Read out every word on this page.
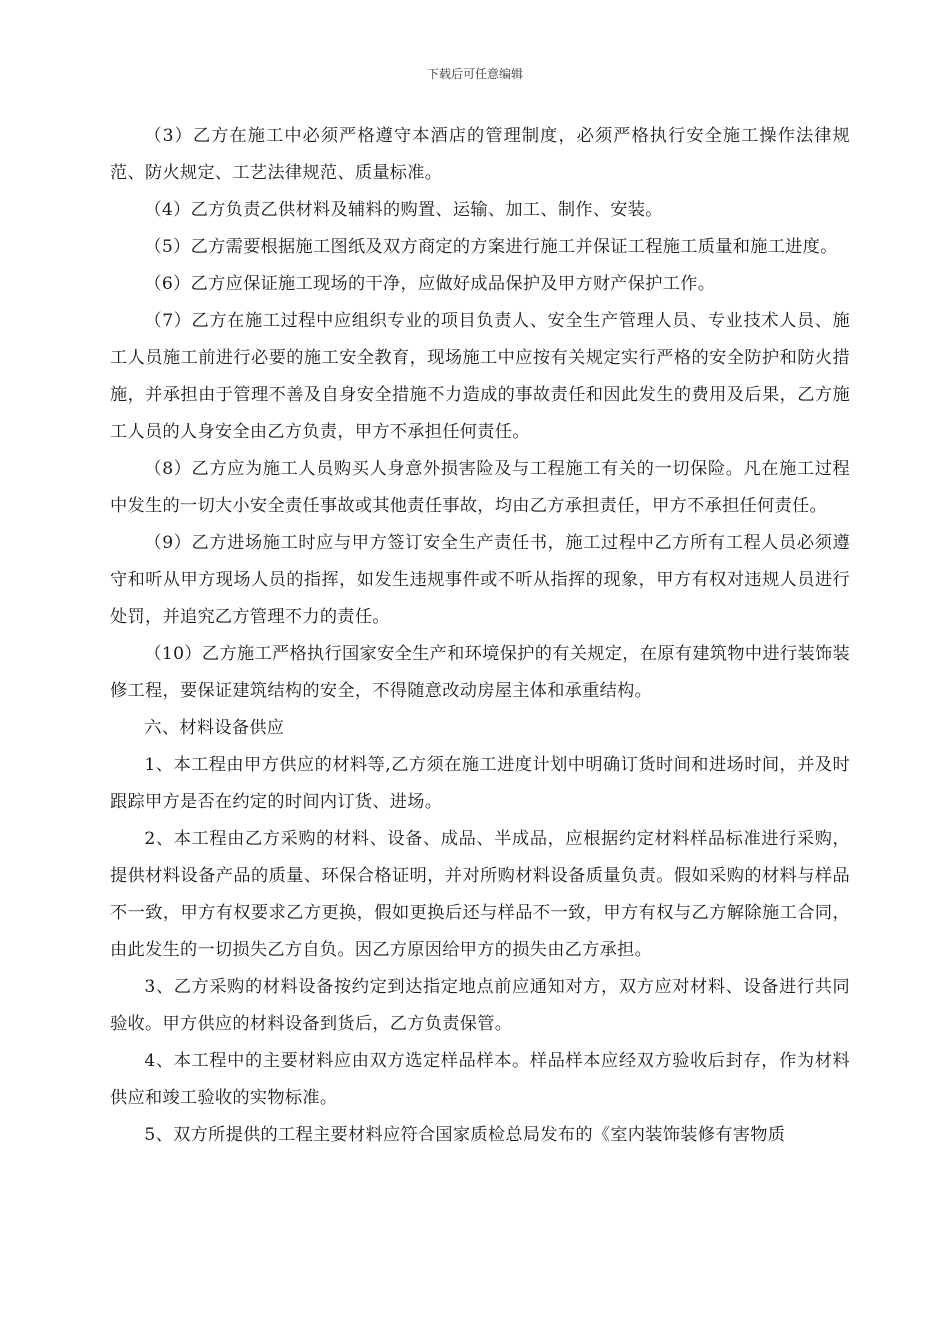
下载后可任意编辑

（3）乙方在施工中必须严格遵守本酒店的管理制度，必须严格执行安全施工操作法律规范、防火规定、工艺法律规范、质量标准。

（4）乙方负责乙供材料及辅料的购置、运输、加工、制作、安装。

（5）乙方需要根据施工图纸及双方商定的方案进行施工并保证工程施工质量和施工进度。

（6）乙方应保证施工现场的干净，应做好成品保护及甲方财产保护工作。

（7）乙方在施工过程中应组织专业的项目负责人、安全生产管理人员、专业技术人员、施工人员施工前进行必要的施工安全教育，现场施工中应按有关规定实行严格的安全防护和防火措施，并承担由于管理不善及自身安全措施不力造成的事故责任和因此发生的费用及后果，乙方施工人员的人身安全由乙方负责，甲方不承担任何责任。

（8）乙方应为施工人员购买人身意外损害险及与工程施工有关的一切保险。凡在施工过程中发生的一切大小安全责任事故或其他责任事故，均由乙方承担责任，甲方不承担任何责任。

（9）乙方进场施工时应与甲方签订安全生产责任书，施工过程中乙方所有工程人员必须遵守和听从甲方现场人员的指挥，如发生违规事件或不听从指挥的现象，甲方有权对违规人员进行处罚，并追究乙方管理不力的责任。

（10）乙方施工严格执行国家安全生产和环境保护的有关规定，在原有建筑物中进行装饰装修工程，要保证建筑结构的安全，不得随意改动房屋主体和承重结构。

六、材料设备供应

1、本工程由甲方供应的材料等,乙方须在施工进度计划中明确订货时间和进场时间，并及时跟踪甲方是否在约定的时间内订货、进场。

2、本工程由乙方采购的材料、设备、成品、半成品，应根据约定材料样品标准进行采购，提供材料设备产品的质量、环保合格证明，并对所购材料设备质量负责。假如采购的材料与样品不一致，甲方有权要求乙方更换，假如更换后还与样品不一致，甲方有权与乙方解除施工合同，由此发生的一切损失乙方自负。因乙方原因给甲方的损失由乙方承担。

3、乙方采购的材料设备按约定到达指定地点前应通知对方，双方应对材料、设备进行共同验收。甲方供应的材料设备到货后，乙方负责保管。

4、本工程中的主要材料应由双方选定样品样本。样品样本应经双方验收后封存，作为材料供应和竣工验收的实物标准。

5、双方所提供的工程主要材料应符合国家质检总局发布的《室内装饰装修有害物质
